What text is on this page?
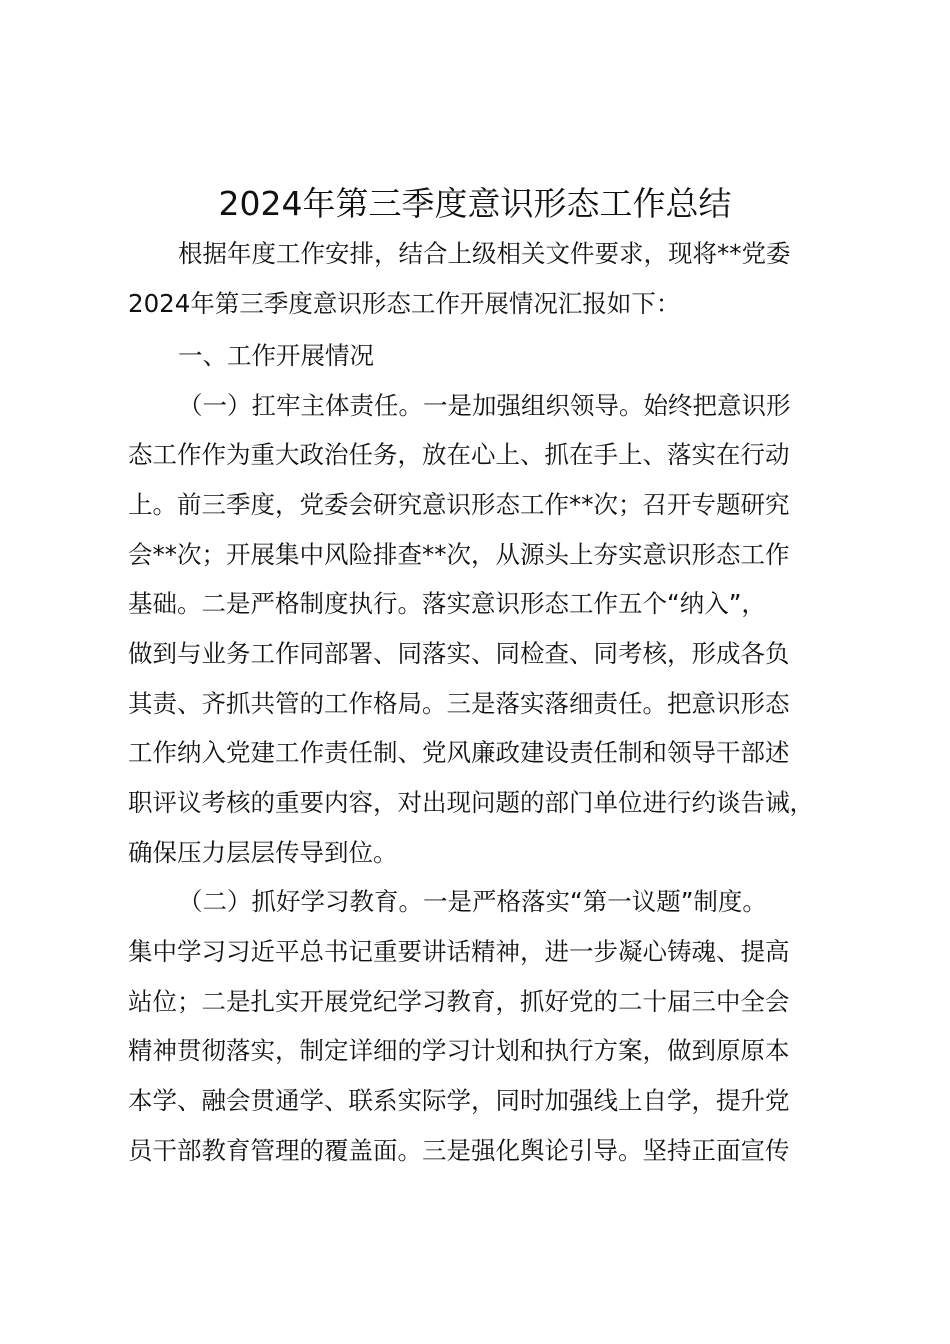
2024年第三季度意识形态工作总结
根据年度工作安排，结合上级相关文件要求，现将**党委
2024年第三季度意识形态工作开展情况汇报如下：
一、工作开展情况
（一）扛牢主体责任。一是加强组织领导。始终把意识形
态工作作为重大政治任务，放在心上、抓在手上、落实在行动
上。前三季度，党委会研究意识形态工作**次；召开专题研究
会**次；开展集中风险排查**次，从源头上夯实意识形态工作
基础。二是严格制度执行。落实意识形态工作五个“纳入”，
做到与业务工作同部署、同落实、同检查、同考核，形成各负
其责、齐抓共管的工作格局。三是落实落细责任。把意识形态
工作纳入党建工作责任制、党风廉政建设责任制和领导干部述
职评议考核的重要内容，对出现问题的部门单位进行约谈告诫，
确保压力层层传导到位。
（二）抓好学习教育。一是严格落实“第一议题”制度。
集中学习习近平总书记重要讲话精神，进一步凝心铸魂、提高
站位；二是扎实开展党纪学习教育，抓好党的二十届三中全会
精神贯彻落实，制定详细的学习计划和执行方案，做到原原本
本学、融会贯通学、联系实际学，同时加强线上自学，提升党
员干部教育管理的覆盖面。三是强化舆论引导。坚持正面宣传
